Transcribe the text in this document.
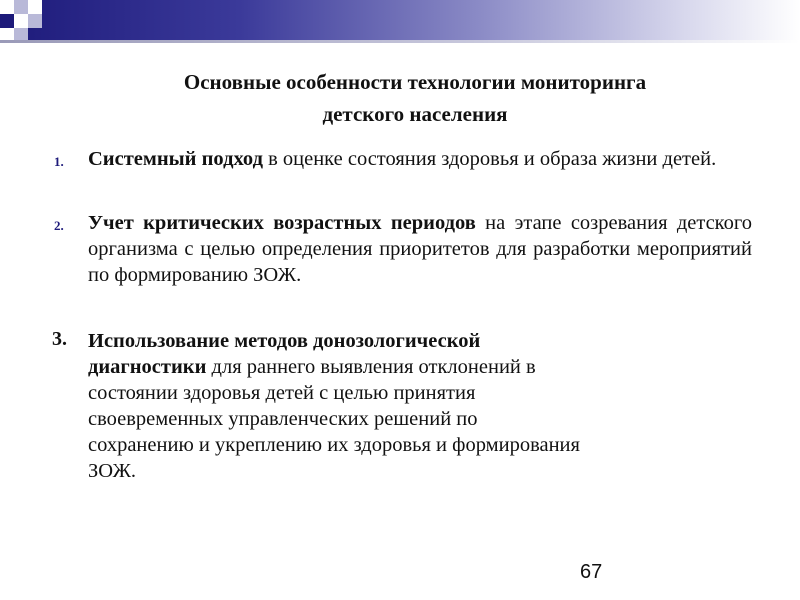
Основные особенности технологии мониторинга
детского населения
1. Системный подход в оценке состояния здоровья и образа жизни детей.
2. Учет критических возрастных периодов на этапе созревания детского организма с целью определения приоритетов для разработки мероприятий по формированию ЗОЖ.
3. Использование методов донозологической
диагностики для раннего выявления отклонений в
состоянии здоровья детей с целью принятия
своевременных управленческих решений по
сохранению и укреплению их здоровья и формирования
ЗОЖ.
67
